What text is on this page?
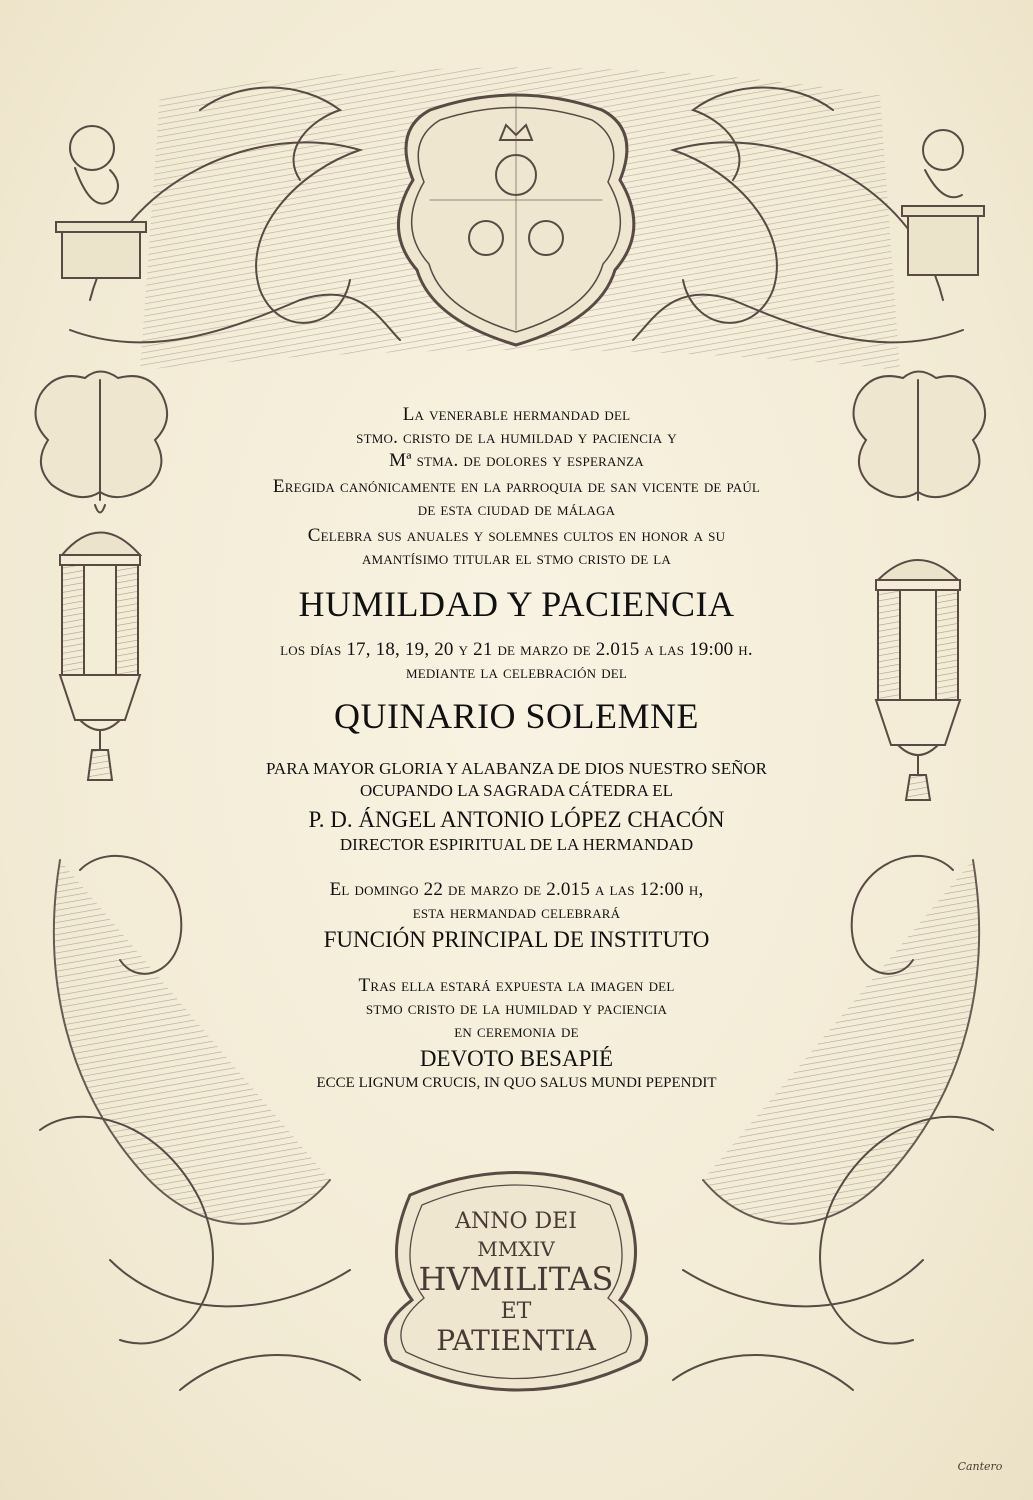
ANNO DEI
MMXIV
HVMILITAS
ET
PATIENTIA
Cantero
La venerable hermandad del
stmo. cristo de la humildad y paciencia y
Mª stma. de dolores y esperanza
Eregida canónicamente en la parroquia de san vicente de paúl
de esta ciudad de málaga
Celebra sus anuales y solemnes cultos en honor a su
amantísimo titular el stmo cristo de la
HUMILDAD Y PACIENCIA
los días 17, 18, 19, 20 y 21 de marzo de 2.015 a las 19:00 h.
mediante la celebración del
QUINARIO SOLEMNE
PARA MAYOR GLORIA Y ALABANZA DE DIOS NUESTRO SEÑOR
OCUPANDO LA SAGRADA CÁTEDRA EL
P. D. ÁNGEL ANTONIO LÓPEZ CHACÓN
DIRECTOR ESPIRITUAL DE LA HERMANDAD
El domingo 22 de marzo de 2.015 a las 12:00 h,
esta hermandad celebrará
FUNCIÓN PRINCIPAL DE INSTITUTO
Tras ella estará expuesta la imagen del
stmo cristo de la humildad y paciencia
en ceremonia de
DEVOTO BESAPIÉ
ECCE LIGNUM CRUCIS, IN QUO SALUS MUNDI PEPENDIT
